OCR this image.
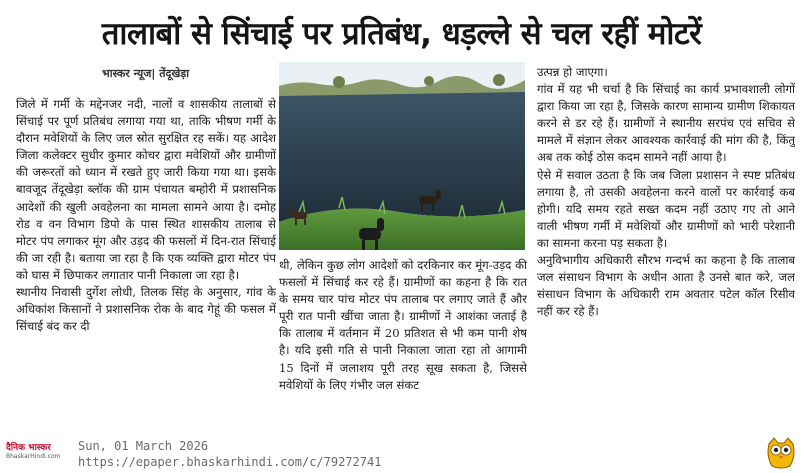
तालाबों से सिंचाई पर प्रतिबंध, धड़ल्ले से चल रहीं मोटरें
भास्कर न्यूज| तेंदूखेड़ा

जिले में गर्मी के मद्देनजर नदी, नालों व शासकीय तालाबों से सिंचाई पर पूर्ण प्रतिबंध लगाया गया था, ताकि भीषण गर्मी के दौरान मवेशियों के लिए जल स्रोत सुरक्षित रह सकें। यह आदेश जिला कलेक्टर सुधीर कुमार कोचर द्वारा मवेशियों और ग्रामीणों की जरूरतों को ध्यान में रखते हुए जारी किया गया था। इसके बावजूद तेंदूखेड़ा ब्लॉक की ग्राम पंचायत बम्होरी में प्रशासनिक आदेशों की खुली अवहेलना का मामला सामने आया है। दमोह रोड व वन विभाग डिपो के पास स्थित शासकीय तालाब से मोटर पंप लगाकर मूंग और उड़द की फसलों में दिन-रात सिंचाई की जा रही है। बताया जा रहा है कि एक व्यक्ति द्वारा मोटर पंप को घास में छिपाकर लगातार पानी निकाला जा रहा है।

स्थानीय निवासी दुर्गेश लोधी, तिलक सिंह के अनुसार, गांव के अधिकांश किसानों ने प्रशासनिक रोक के बाद गेहूं की फसल में सिंचाई बंद कर दी

थी, लेकिन कुछ लोग आदेशों को दरकिनार कर मूंग-उड़द की फसलों में सिंचाई कर रहे हैं। ग्रामीणों का कहना है कि रात के समय चार पांच मोटर पंप तालाब पर लगाए जाते हैं और पूरी रात पानी खींचा जाता है। ग्रामीणों ने आशंका जताई है कि तालाब में वर्तमान में 20 प्रतिशत से भी कम पानी शेष है। यदि इसी गति से पानी निकाला जाता रहा तो आगामी 15 दिनों में जलाशय पूरी तरह सूख सकता है, जिससे मवेशियों के लिए गंभीर जल संकट

उत्पन्न हो जाएगा।

गांव में यह भी चर्चा है कि सिंचाई का कार्य प्रभावशाली लोगों द्वारा किया जा रहा है, जिसके कारण सामान्य ग्रामीण शिकायत करने से डर रहे हैं। ग्रामीणों ने स्थानीय सरपंच एवं सचिव से मामले में संज्ञान लेकर आवश्यक कार्रवाई की मांग की है, किंतु अब तक कोई ठोस कदम सामने नहीं आया है।

ऐसे में सवाल उठता है कि जब जिला प्रशासन ने स्पष्ट प्रतिबंध लगाया है, तो उसकी अवहेलना करने वालों पर कार्रवाई कब होगी। यदि समय रहते सख्त कदम नहीं उठाए गए तो आने वाली भीषण गर्मी में मवेशियों और ग्रामीणों को भारी परेशानी का सामना करना पड़ सकता है।

अनुविभागीय अधिकारी सौरभ गन्दर्भ का कहना है कि तालाब जल संसाधन विभाग के अधीन आता है उनसे बात करे, जल संसाधन विभाग के अधिकारी राम अवतार पटेल कॉल रिसीव नहीं कर रहे हैं।

दैनिक भास्कर
BhaskarHindi.com
Sun, 01 March 2026
https://epaper.bhaskarhindi.com/c/79272741
